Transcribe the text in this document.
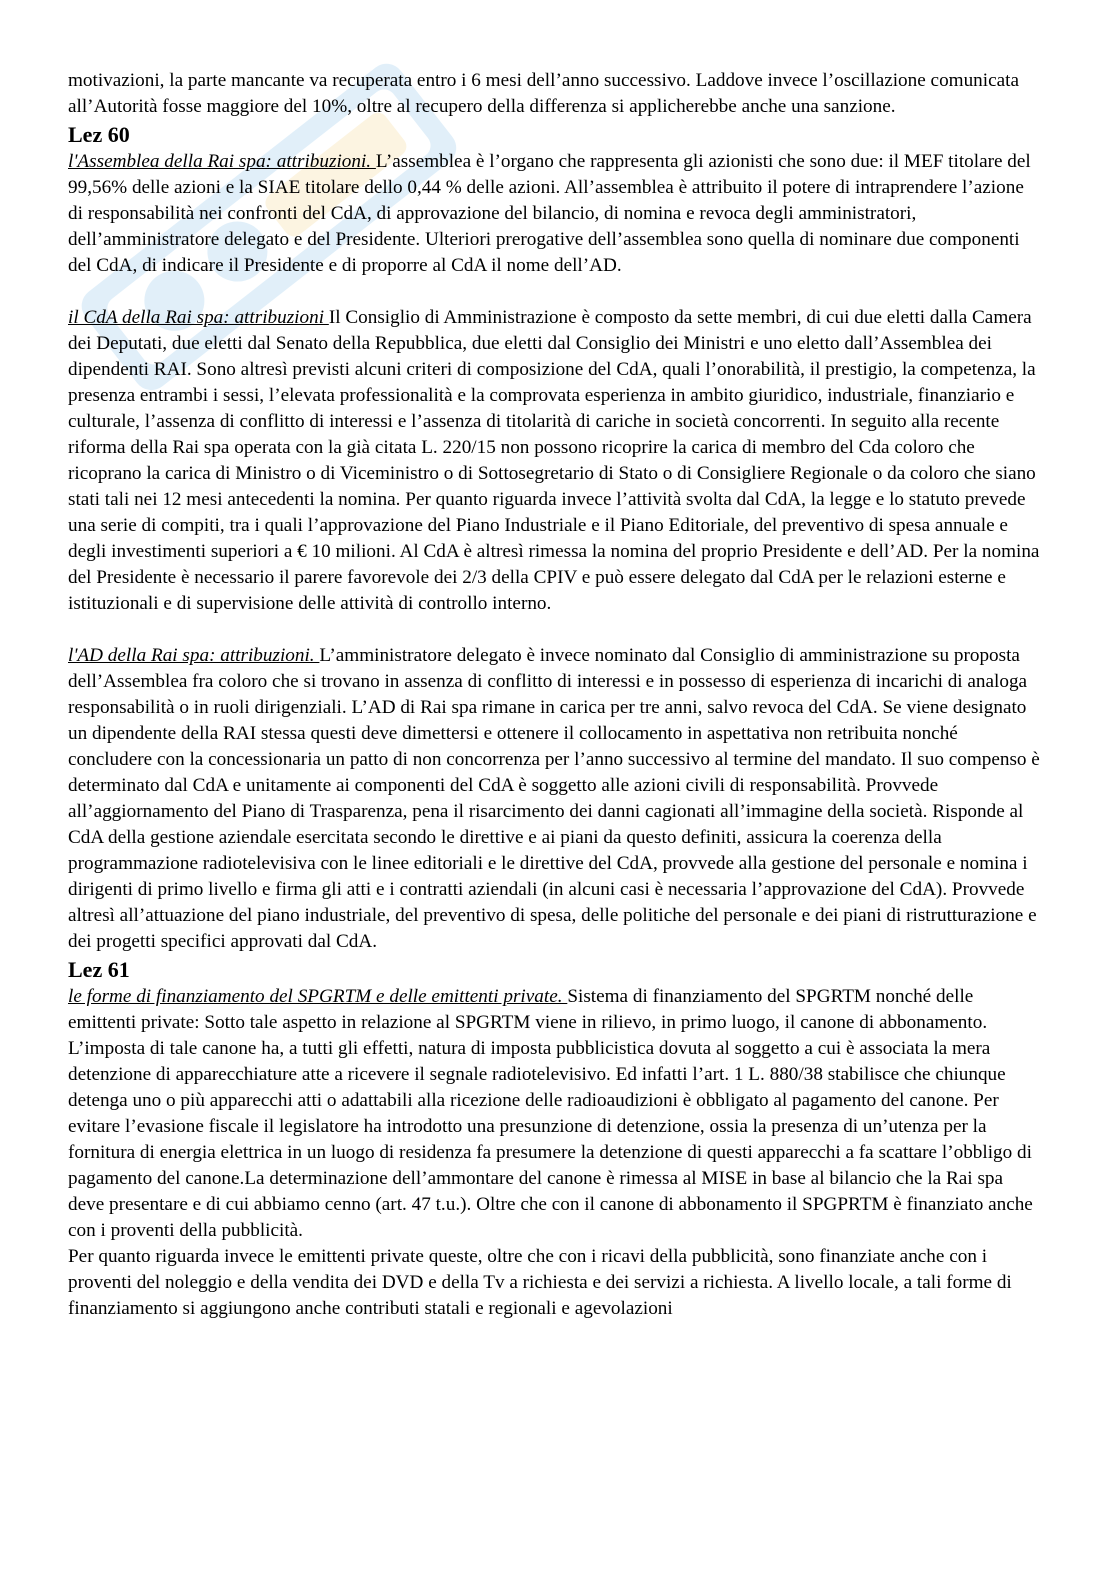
motivazioni, la parte mancante va recuperata entro i 6 mesi dell’anno successivo. Laddove invece l’oscillazione comunicata all’Autorità fosse maggiore del 10%, oltre al recupero della differenza si applicherebbe anche una sanzione.

Lez 60

l'Assemblea della Rai spa: attribuzioni. L’assemblea è l’organo che rappresenta gli azionisti che sono due: il MEF titolare del 99,56% delle azioni e la SIAE titolare dello 0,44 % delle azioni. All’assemblea è attribuito il potere di intraprendere l’azione di responsabilità nei confronti del CdA, di approvazione del bilancio, di nomina e revoca degli amministratori, dell’amministratore delegato e del Presidente. Ulteriori prerogative dell’assemblea sono quella di nominare due componenti del CdA, di indicare il Presidente e di proporre al CdA il nome dell’AD.

il CdA della Rai spa: attribuzioni Il Consiglio di Amministrazione è composto da sette membri, di cui due eletti dalla Camera dei Deputati, due eletti dal Senato della Repubblica, due eletti dal Consiglio dei Ministri e uno eletto dall’Assemblea dei dipendenti RAI. Sono altresì previsti alcuni criteri di composizione del CdA, quali l’onorabilità, il prestigio, la competenza, la presenza entrambi i sessi, l’elevata professionalità e la comprovata esperienza in ambito giuridico, industriale, finanziario e culturale, l’assenza di conflitto di interessi e l’assenza di titolarità di cariche in società concorrenti. In seguito alla recente riforma della Rai spa operata con la già citata L. 220/15 non possono ricoprire la carica di membro del Cda coloro che ricoprano la carica di Ministro o di Viceministro o di Sottosegretario di Stato o di Consigliere Regionale o da coloro che siano stati tali nei 12 mesi antecedenti la nomina. Per quanto riguarda invece l’attività svolta dal CdA, la legge e lo statuto prevede una serie di compiti, tra i quali l’approvazione del Piano Industriale e il Piano Editoriale, del preventivo di spesa annuale e degli investimenti superiori a € 10 milioni. Al CdA è altresì rimessa la nomina del proprio Presidente e dell’AD. Per la nomina del Presidente è necessario il parere favorevole dei 2/3 della CPIV e può essere delegato dal CdA per le relazioni esterne e istituzionali e di supervisione delle attività di controllo interno.

l'AD della Rai spa: attribuzioni. L’amministratore delegato è invece nominato dal Consiglio di amministrazione su proposta dell’Assemblea fra coloro che si trovano in assenza di conflitto di interessi e in possesso di esperienza di incarichi di analoga responsabilità o in ruoli dirigenziali. L’AD di Rai spa rimane in carica per tre anni, salvo revoca del CdA. Se viene designato un dipendente della RAI stessa questi deve dimettersi e ottenere il collocamento in aspettativa non retribuita nonché concludere con la concessionaria un patto di non concorrenza per l’anno successivo al termine del mandato. Il suo compenso è determinato dal CdA e unitamente ai componenti del CdA è soggetto alle azioni civili di responsabilità. Provvede all’aggiornamento del Piano di Trasparenza, pena il risarcimento dei danni cagionati all’immagine della società. Risponde al CdA della gestione aziendale esercitata secondo le direttive e ai piani da questo definiti, assicura la coerenza della programmazione radiotelevisiva con le linee editoriali e le direttive del CdA, provvede alla gestione del personale e nomina i dirigenti di primo livello e firma gli atti e i contratti aziendali (in alcuni casi è necessaria l’approvazione del CdA). Provvede altresì all’attuazione del piano industriale, del preventivo di spesa, delle politiche del personale e dei piani di ristrutturazione e dei progetti specifici approvati dal CdA.

Lez 61

le forme di finanziamento del SPGRTM e delle emittenti private. Sistema di finanziamento del SPGRTM nonché delle emittenti private: Sotto tale aspetto in relazione al SPGRTM viene in rilievo, in primo luogo, il canone di abbonamento. L’imposta di tale canone ha, a tutti gli effetti, natura di imposta pubblicistica dovuta al soggetto a cui è associata la mera detenzione di apparecchiature atte a ricevere il segnale radiotelevisivo. Ed infatti l’art. 1 L. 880/38 stabilisce che chiunque detenga uno o più apparecchi atti o adattabili alla ricezione delle radioaudizioni è obbligato al pagamento del canone. Per evitare l’evasione fiscale il legislatore ha introdotto una presunzione di detenzione, ossia la presenza di un’utenza per la fornitura di energia elettrica in un luogo di residenza fa presumere la detenzione di questi apparecchi a fa scattare l’obbligo di pagamento del canone.La determinazione dell’ammontare del canone è rimessa al MISE in base al bilancio che la Rai spa deve presentare e di cui abbiamo cenno (art. 47 t.u.). Oltre che con il canone di abbonamento il SPGPRTM è finanziato anche con i proventi della pubblicità.

Per quanto riguarda invece le emittenti private queste, oltre che con i ricavi della pubblicità, sono finanziate anche con i proventi del noleggio e della vendita dei DVD e della Tv a richiesta e dei servizi a richiesta. A livello locale, a tali forme di finanziamento si aggiungono anche contributi statali e regionali e agevolazioni
